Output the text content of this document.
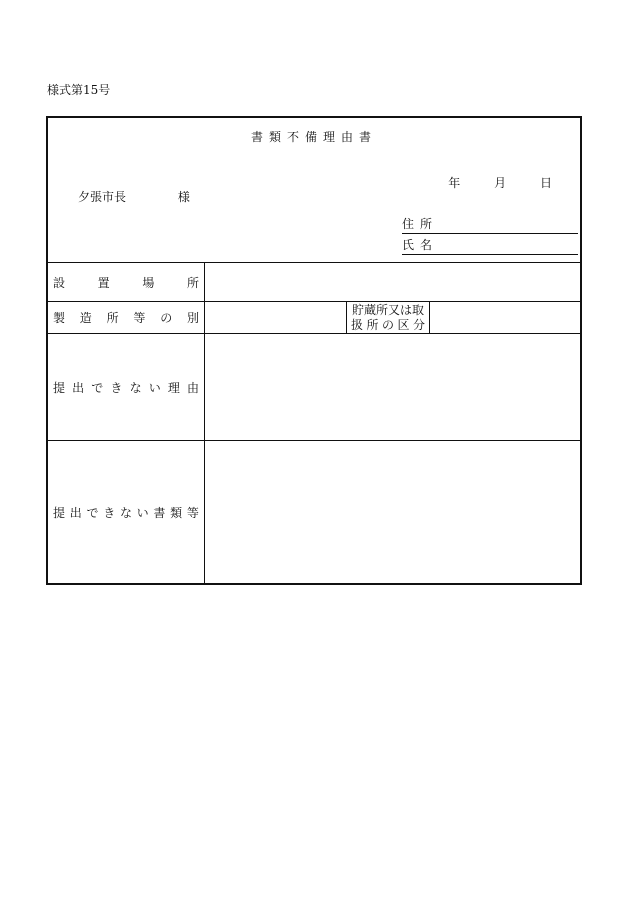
様式第15号
書類不備理由書
年	月	日
夕張市長	様
住所
氏名
設	置	場	所
製 造 所 等 の 別
貯蔵所又は取
扱 所 の 区 分
提 出 で き な い 理 由
提 出 で き な い 書 類 等
